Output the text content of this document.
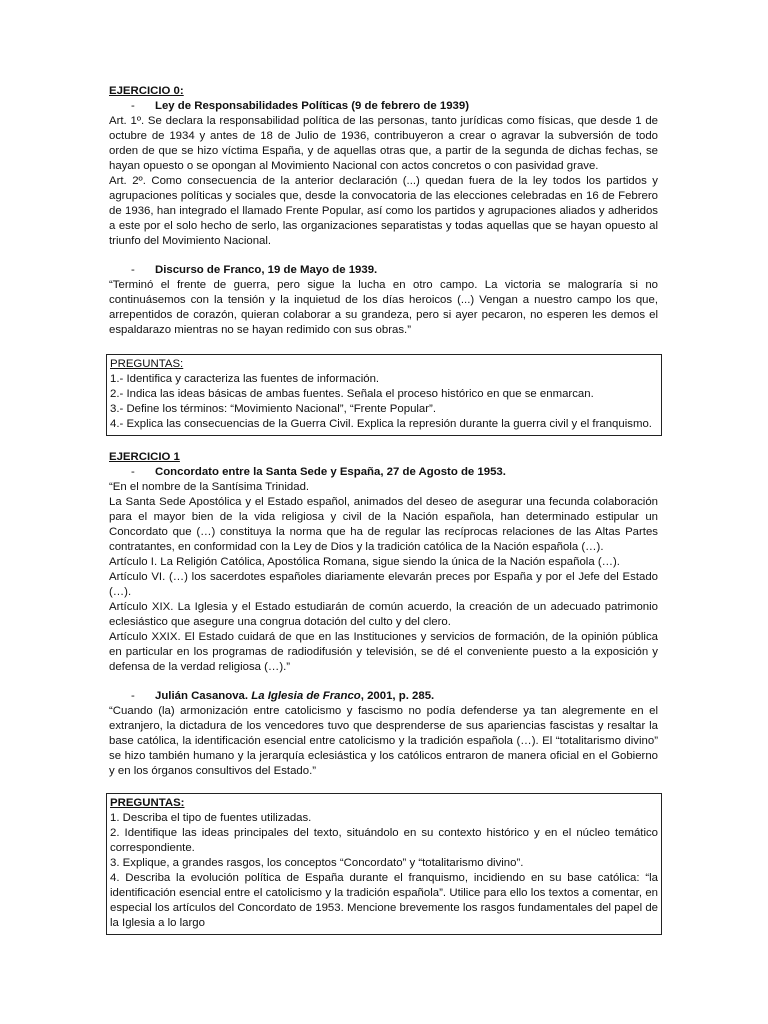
EJERCICIO 0:

- Ley de Responsabilidades Políticas (9 de febrero de 1939)

Art. 1º. Se declara la responsabilidad política de las personas, tanto jurídicas como físicas, que desde 1 de octubre de 1934 y antes de 18 de Julio de 1936, contribuyeron a crear o agravar la subversión de todo orden de que se hizo víctima España, y de aquellas otras que, a partir de la segunda de dichas fechas, se hayan opuesto o se opongan al Movimiento Nacional con actos concretos o con pasividad grave.

Art. 2º. Como consecuencia de la anterior declaración (...) quedan fuera de la ley todos los partidos y agrupaciones políticas y sociales que, desde la convocatoria de las elecciones celebradas en 16 de Febrero de 1936, han integrado el llamado Frente Popular, así como los partidos y agrupaciones aliados y adheridos a este por el solo hecho de serlo, las organizaciones separatistas y todas aquellas que se hayan opuesto al triunfo del Movimiento Nacional.

- Discurso de Franco, 19 de Mayo de 1939.

“Terminó el frente de guerra, pero sigue la lucha en otro campo. La victoria se malograría si no continuásemos con la tensión y la inquietud de los días heroicos (...) Vengan a nuestro campo los que, arrepentidos de corazón, quieran colaborar a su grandeza, pero si ayer pecaron, no esperen les demos el espaldarazo mientras no se hayan redimido con sus obras.”

PREGUNTAS:

1.- Identifica y caracteriza las fuentes de información.

2.- Indica las ideas básicas de ambas fuentes. Señala el proceso histórico en que se enmarcan.

3.- Define los términos: “Movimiento Nacional”, “Frente Popular”.

4.- Explica las consecuencias de la Guerra Civil. Explica la represión durante la guerra civil y el franquismo.

EJERCICIO 1

- Concordato entre la Santa Sede y España, 27 de Agosto de 1953.

“En el nombre de la Santísima Trinidad.

La Santa Sede Apostólica y el Estado español, animados del deseo de asegurar una fecunda colaboración para el mayor bien de la vida religiosa y civil de la Nación española, han determinado estipular un Concordato que (…) constituya la norma que ha de regular las recíprocas relaciones de las Altas Partes contratantes, en conformidad con la Ley de Dios y la tradición católica de la Nación española (…).

Artículo I. La Religión Católica, Apostólica Romana, sigue siendo la única de la Nación española (…).

Artículo VI. (…) los sacerdotes españoles diariamente elevarán preces por España y por el Jefe del Estado (…).

Artículo XIX. La Iglesia y el Estado estudiarán de común acuerdo, la creación de un adecuado patrimonio eclesiástico que asegure una congrua dotación del culto y del clero.

Artículo XXIX. El Estado cuidará de que en las Instituciones y servicios de formación, de la opinión pública en particular en los programas de radiodifusión y televisión, se dé el conveniente puesto a la exposición y defensa de la verdad religiosa (…).”

- Julián Casanova. La Iglesia de Franco, 2001, p. 285.

“Cuando (la) armonización entre catolicismo y fascismo no podía defenderse ya tan alegremente en el extranjero, la dictadura de los vencedores tuvo que desprenderse de sus apariencias fascistas y resaltar la base católica, la identificación esencial entre catolicismo y la tradición española (…). El “totalitarismo divino” se hizo también humano y la jerarquía eclesiástica y los católicos entraron de manera oficial en el Gobierno y en los órganos consultivos del Estado.”

PREGUNTAS:

1. Describa el tipo de fuentes utilizadas.

2. Identifique las ideas principales del texto, situándolo en su contexto histórico y en el núcleo temático correspondiente.

3. Explique, a grandes rasgos, los conceptos “Concordato” y “totalitarismo divino”.

4. Describa la evolución política de España durante el franquismo, incidiendo en su base católica: “la identificación esencial entre el catolicismo y la tradición española”. Utilice para ello los textos a comentar, en especial los artículos del Concordato de 1953. Mencione brevemente los rasgos fundamentales del papel de la Iglesia a lo largo
